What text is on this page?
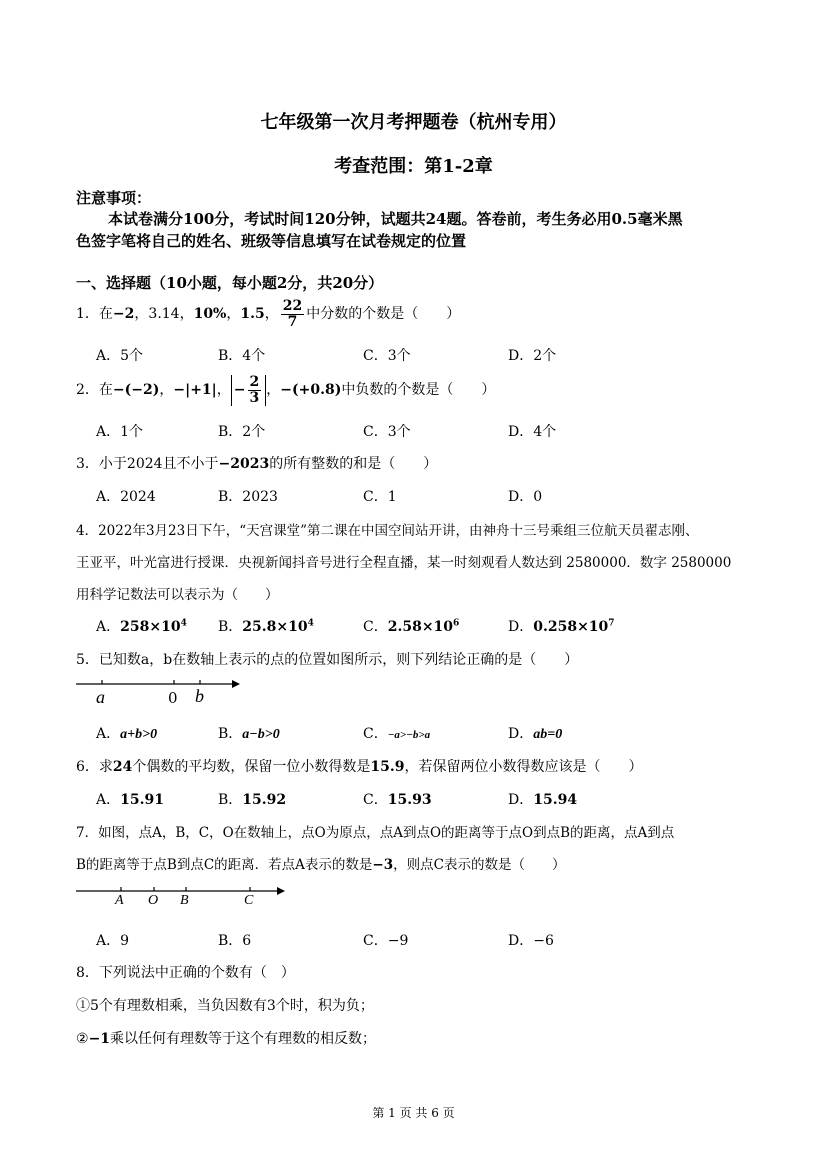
七年级第一次月考押题卷（杭州专用）
考查范围：第1-2章
注意事项：
本试卷满分100分，考试时间120分钟，试题共24题。答卷前，考生务必用0.5毫米黑
色签字笔将自己的姓名、班级等信息填写在试卷规定的位置
一、选择题（10小题，每小题2分，共20分）
1．在−2，3.14，10%，1.5， $\frac{22}{7}$ 中分数的个数是（　　）
A．5个	B．4个	C．3个	D．2个
2．在−(−2)，−|+1|， − $\frac{2}{3}$ ，−(+0.8)中负数的个数是（　　）
A．1个	B．2个	C．3个	D．4个
3．小于2024且不小于−2023的所有整数的和是（　　）
A．2024	B．2023	C．1	D．0
4．2022年3月23日下午，“天宫课堂”第二课在中国空间站开讲，由神舟十三号乘组三位航天员翟志刚、
王亚平，叶光富进行授课．央视新闻抖音号进行全程直播，某一时刻观看人数达到 2580000．数字 2580000
用科学记数法可以表示为（　　）
A．$258\times 10^4$ B．$25.8\times 10^4$	C．$2.58\times 10^6$	D．$0.258\times 10^7$
5．已知数a，b在数轴上表示的点的位置如图所示，则下列结论正确的是（　　）
a	0 b
A．a+b>0	B．a−b>0	C．−a>−b>a	D．ab=0
6．求24个偶数的平均数，保留一位小数得数是15.9，若保留两位小数得数应该是（　　）
A．15.91	B．15.92	C．15.93	D．15.94
7．如图，点A，B，C，O在数轴上，点O为原点，点A到点O的距离等于点O到点B的距离，点A到点
B的距离等于点B到点C的距离．若点A表示的数是−3，则点C表示的数是（　　）
A O B	C
A．9	B．6	C．−9	D．−6
8．下列说法中正确的个数有（　）
①5个有理数相乘，当负因数有3个时，积为负；
②−1乘以任何有理数等于这个有理数的相反数；
第 1 页 共 6 页
